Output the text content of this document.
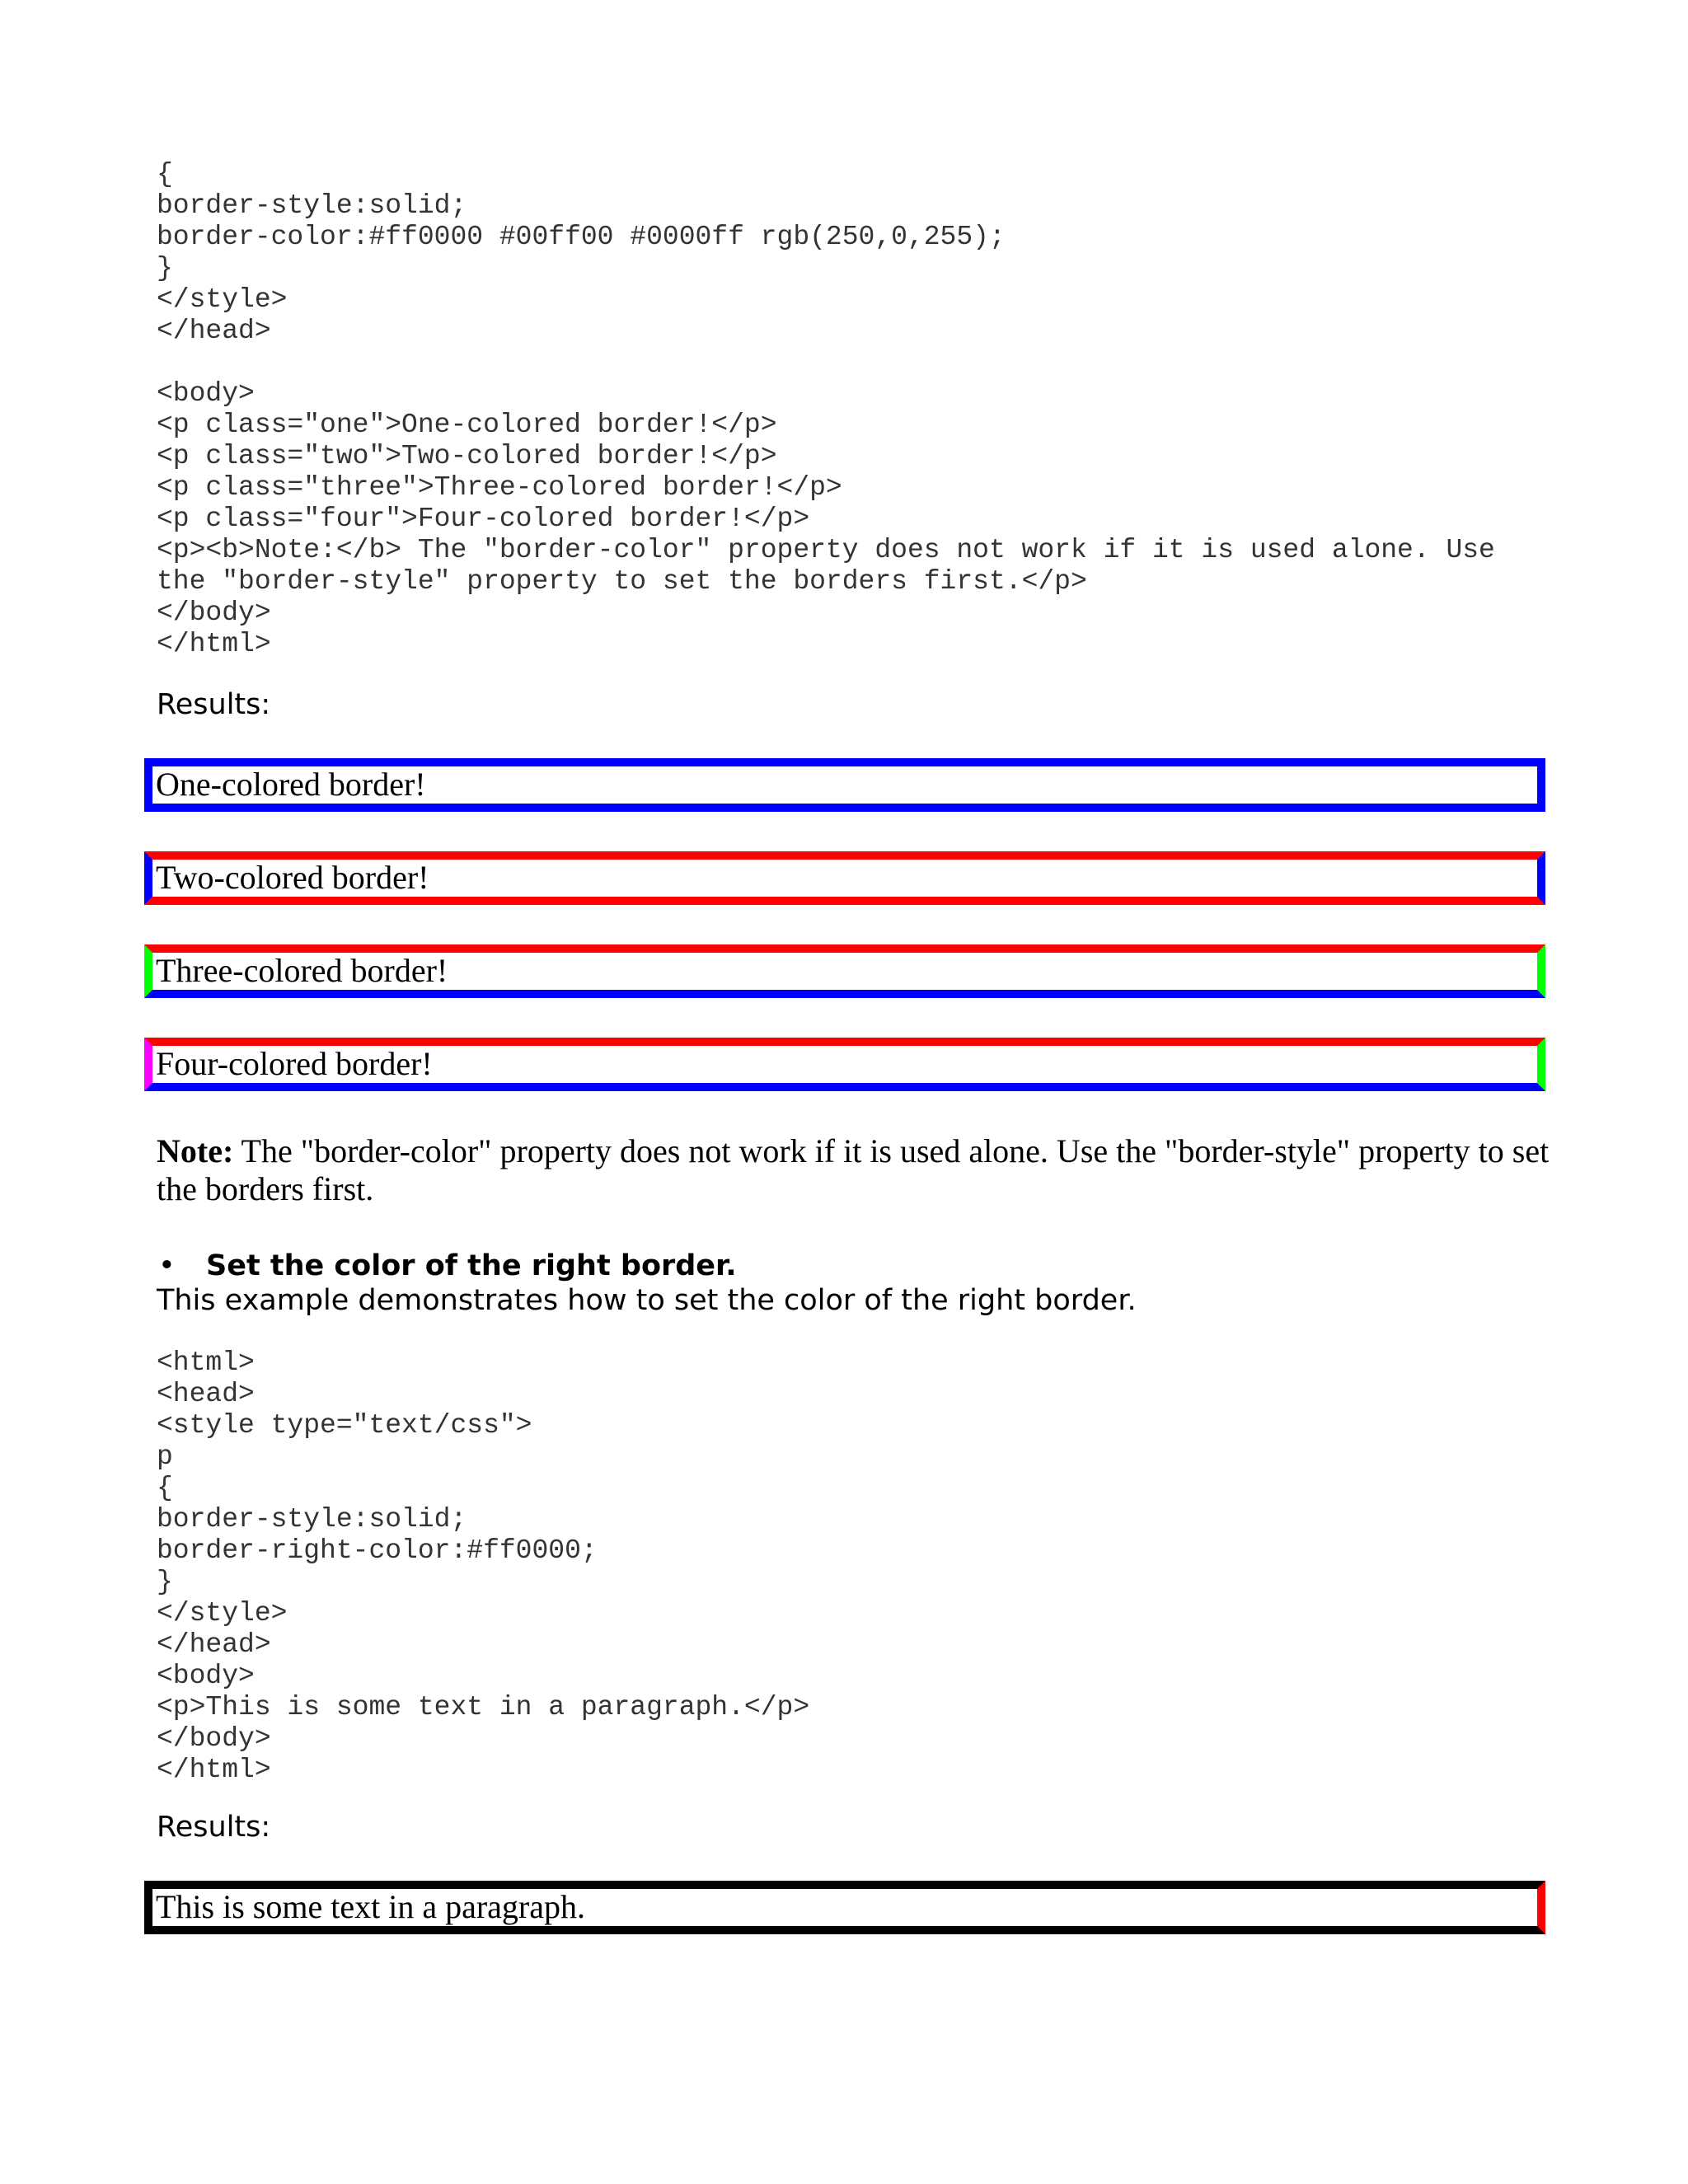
{
border-style:solid;
border-color:#ff0000 #00ff00 #0000ff rgb(250,0,255);
}
</style>
</head>
<body>
<p class="one">One-colored border!</p>
<p class="two">Two-colored border!</p>
<p class="three">Three-colored border!</p>
<p class="four">Four-colored border!</p>
<p><b>Note:</b> The "border-color" property does not work if it is used alone. Use
the "border-style" property to set the borders first.</p>
</body>
</html>

Results:

One-colored border!
Two-colored border!
Three-colored border!
Four-colored border!

Note: The "border-color" property does not work if it is used alone. Use the "border-style" property to set the borders first.

• Set the color of the right border.

This example demonstrates how to set the color of the right border.

<html>
<head>
<style type="text/css">
p
{
border-style:solid;
border-right-color:#ff0000;
}
</style>
</head>
<body>
<p>This is some text in a paragraph.</p>
</body>
</html>

Results:

This is some text in a paragraph.
